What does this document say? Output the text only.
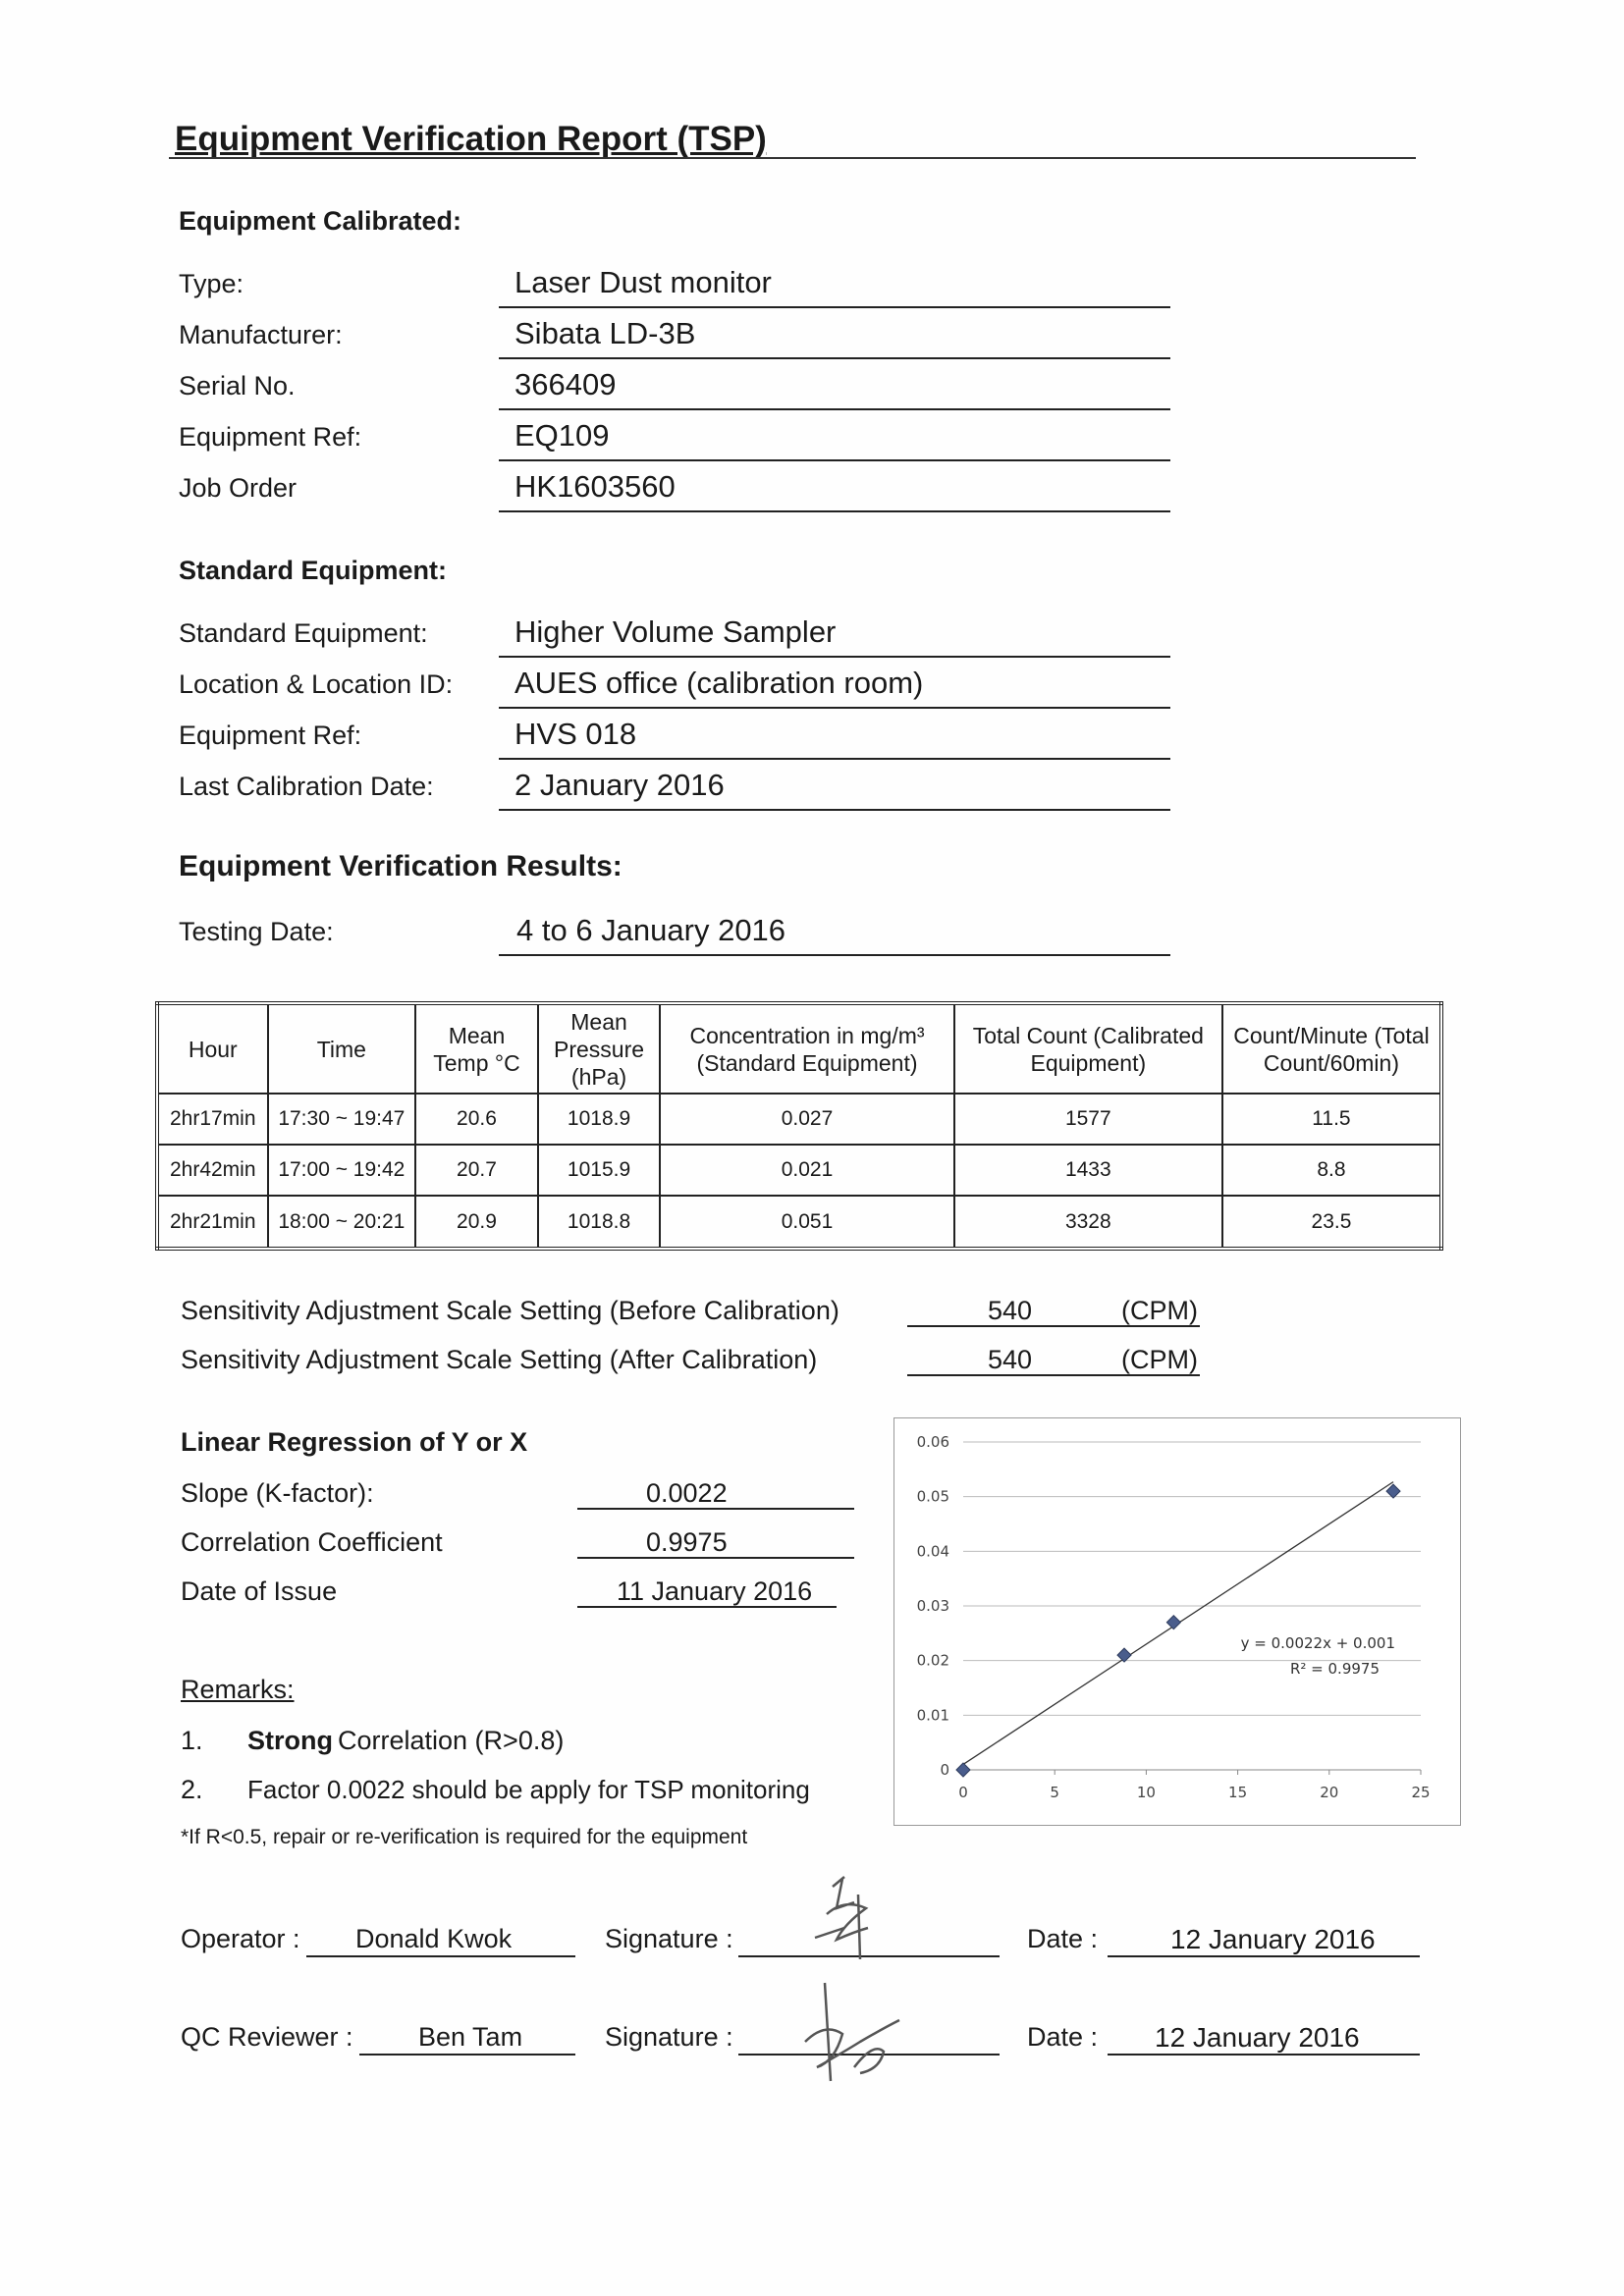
Equipment Verification Report (TSP)
Equipment Calibrated:
Type:	Laser Dust monitor
Manufacturer:	Sibata LD-3B
Serial No.	366409
Equipment Ref:	EQ109
Job Order	HK1603560
Standard Equipment:
Standard Equipment:	Higher Volume Sampler
Location & Location ID: AUES office (calibration room)
Equipment Ref:	HVS 018
Last Calibration Date:	2 January 2016
Equipment Verification Results:
Testing Date:	4 to 6 January 2016
Hour	Time	Mean Temp °C	Mean Pressure (hPa)	Concentration in mg/m³ (Standard Equipment)	Total Count (Calibrated Equipment)	Count/Minute (Total Count/60min)
2hr17min	17:30 ~ 19:47	20.6	1018.9	0.027	1577	11.5
2hr42min	17:00 ~ 19:42	20.7	1015.9	0.021	1433	8.8
2hr21min	18:00 ~ 20:21	20.9	1018.8	0.051	3328	23.5
Sensitivity Adjustment Scale Setting (Before Calibration)	540	(CPM)
Sensitivity Adjustment Scale Setting (After Calibration)	540	(CPM)
Linear Regression of Y or X
Slope (K-factor):	0.0022
Correlation Coefficient	0.9975
Date of Issue	11 January 2016
Remarks:
1. Strong Correlation (R>0.8)
2. Factor 0.0022 should be apply for TSP monitoring
*If R<0.5, repair or re-verification is required for the equipment
0
0.01
0.02
0.03
0.04
0.05
0.06
0	5	10	15	20	25
y = 0.0022x + 0.001
R² = 0.9975
Operator : Donald Kwok	Signature :	Date :	12 January 2016
QC Reviewer : Ben Tam	Signature :	Date : 12 January 2016
